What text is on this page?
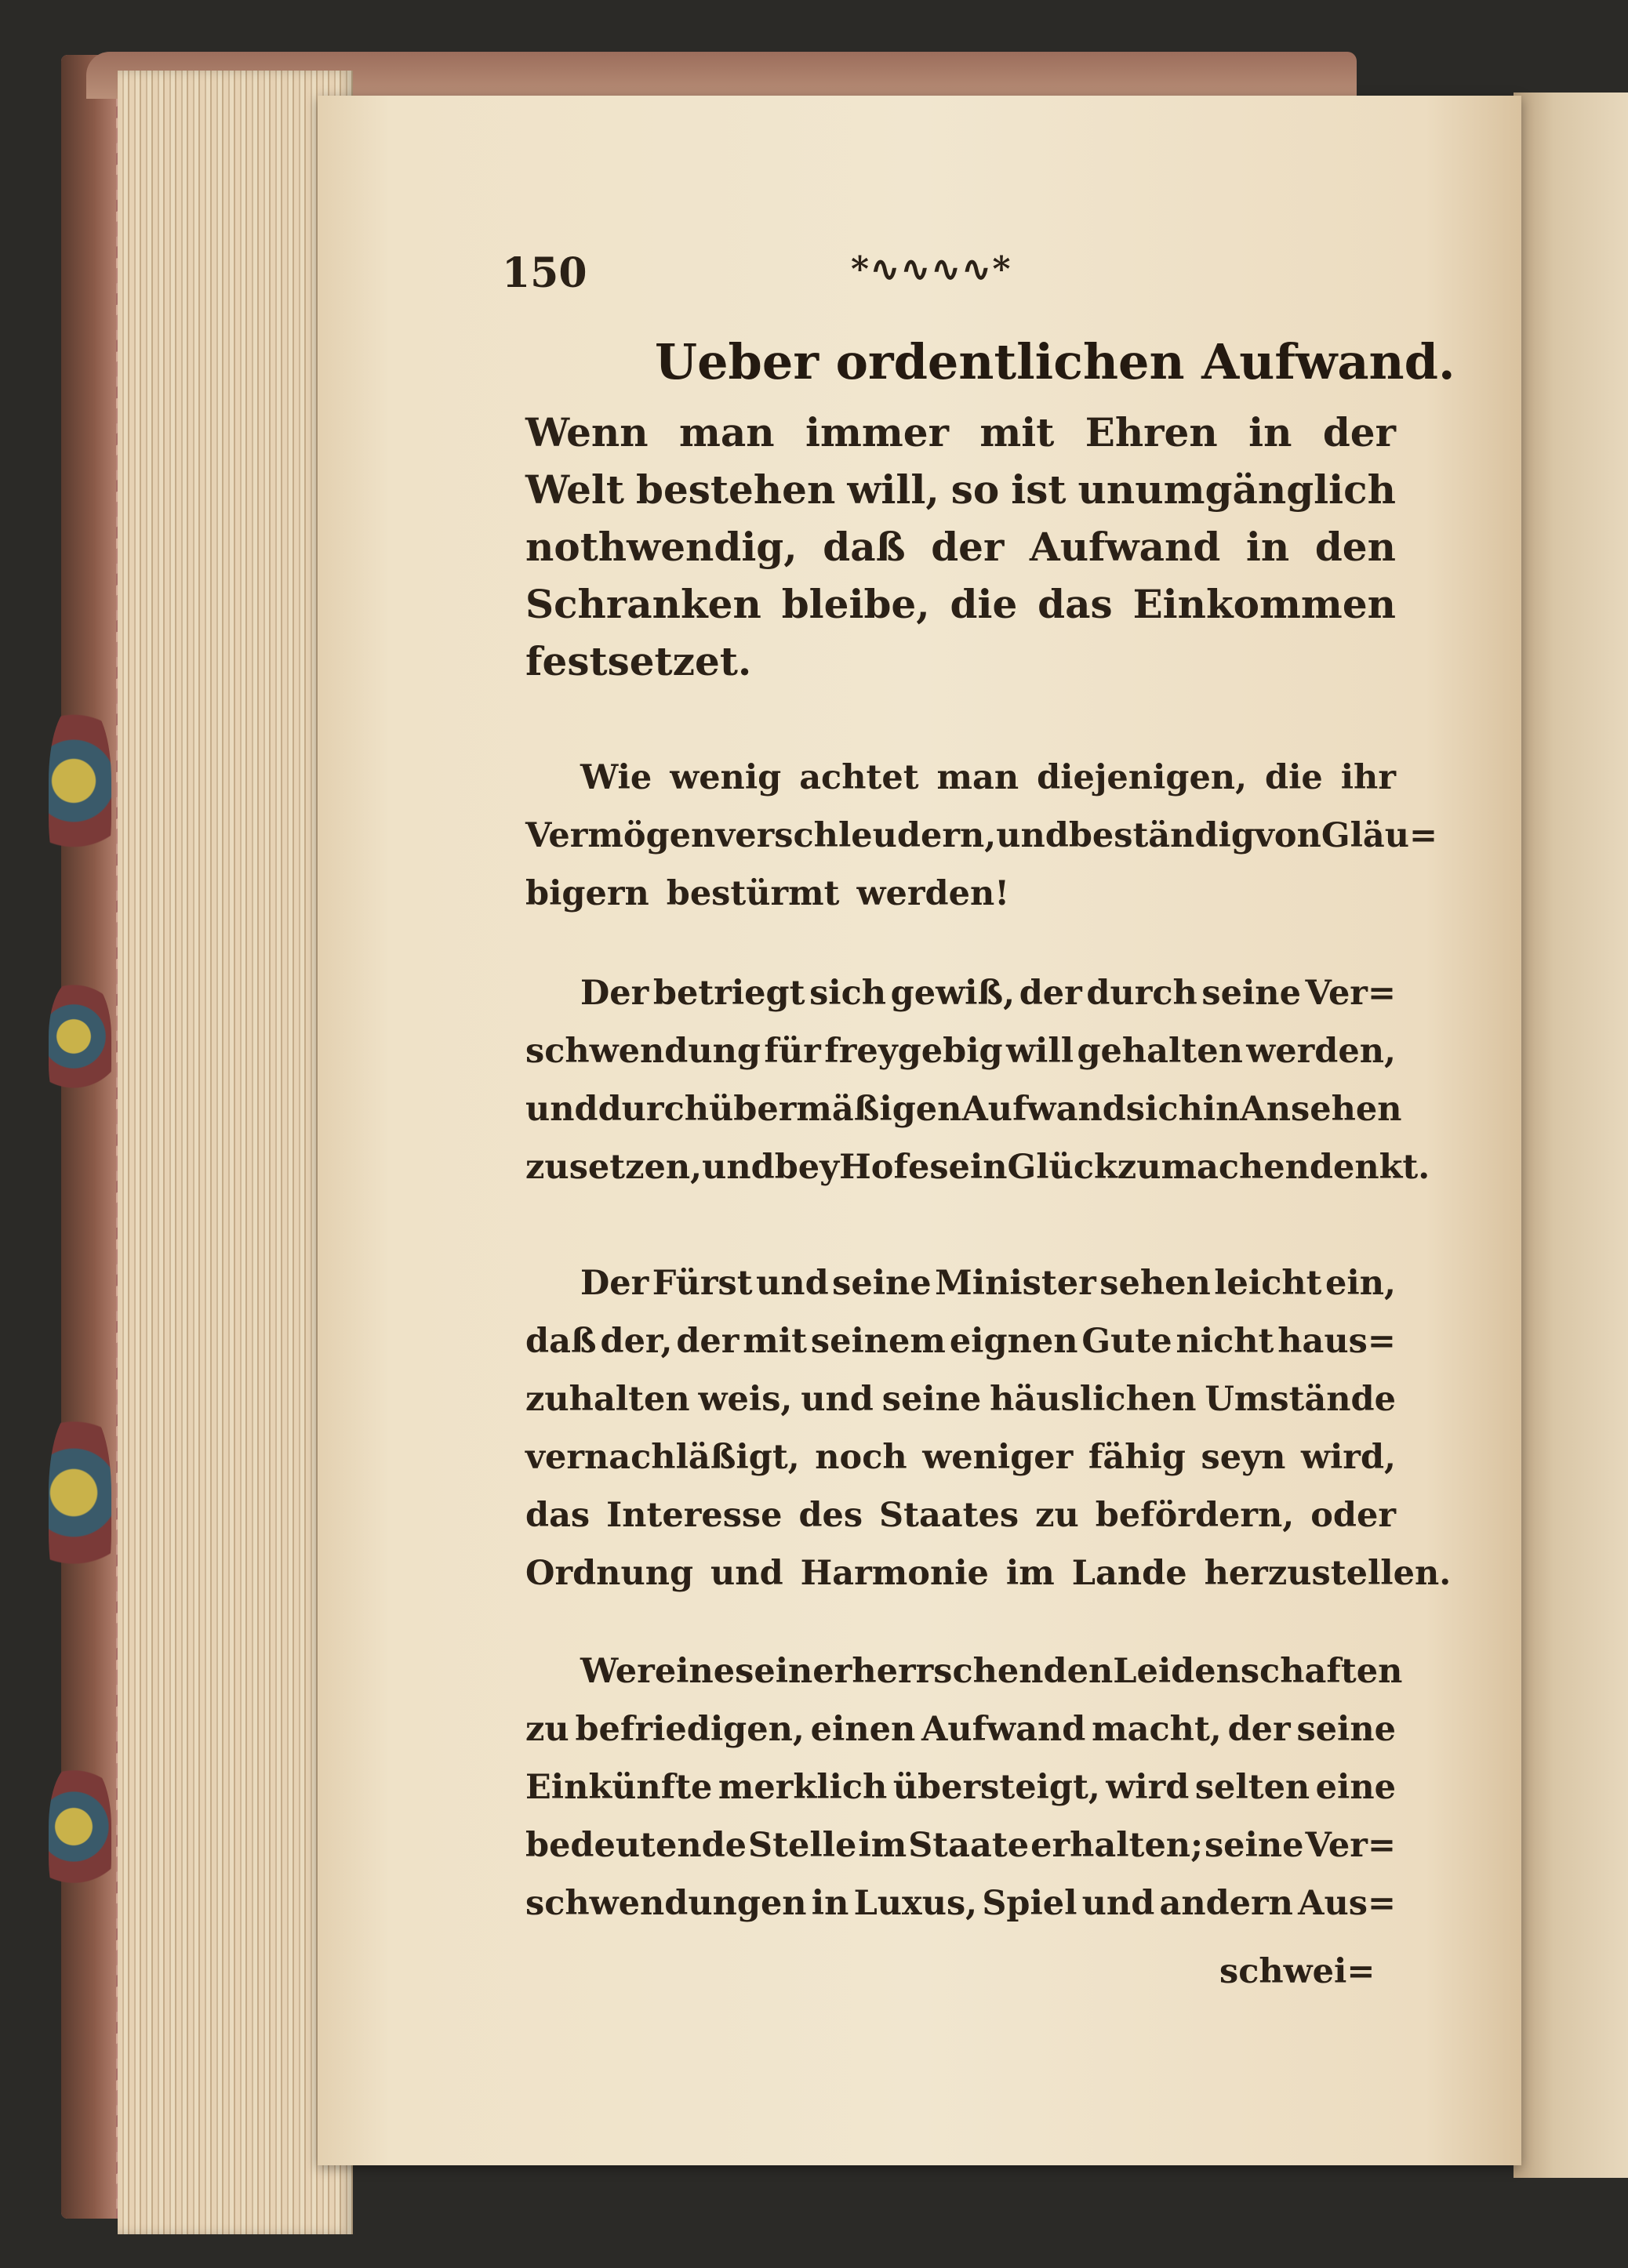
150	*∿∿∿∿*
Ueber ordentlichen Aufwand.
Wenn man immer mit Ehren in der
Welt bestehen will, so ist unumgänglich
nothwendig, daß der Aufwand in den
Schranken bleibe, die das Einkommen
festsetzet.
Wie wenig achtet man diejenigen, die ihr
Vermögen verschleudern, und beständig von Gläu=
bigern bestürmt werden!
Der betriegt sich gewiß, der durch seine Ver=
schwendung für freygebig will gehalten werden,
und durch übermäßigen Aufwand sich in Ansehen
zu setzen, und bey Hofe sein Glück zu machen denkt.
Der Fürst und seine Minister sehen leicht ein,
daß der, der mit seinem eignen Gute nicht haus=
zuhalten weis, und seine häuslichen Umstände
vernachläßigt, noch weniger fähig seyn wird,
das Interesse des Staates zu befördern, oder
Ordnung und Harmonie im Lande herzustellen.
Wer eine seiner herrschenden Leidenschaften
zu befriedigen, einen Aufwand macht, der seine
Einkünfte merklich übersteigt, wird selten eine
bedeutende Stelle im Staate erhalten; seine Ver=
schwendungen in Luxus, Spiel und andern Aus=
schwei=
